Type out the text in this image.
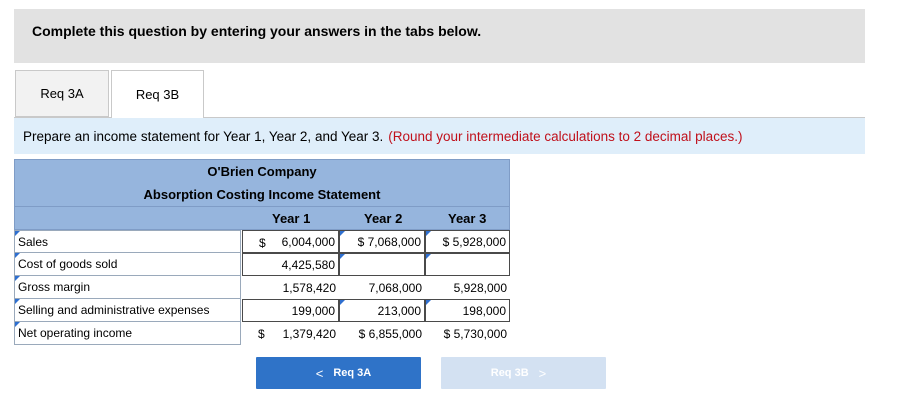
Complete this question by entering your answers in the tabs below.
Req 3A	Req 3B
Prepare an income statement for Year 1, Year 2, and Year 3. (Round your intermediate calculations to 2 decimal places.)
O'Brien Company
Absorption Costing Income Statement
Year 1	Year 2	Year 3
Sales	$ 6,004,000 $ 7,068,000 $ 5,928,000
Cost of goods sold	4,425,580
Gross margin	1,578,420	7,068,000	5,928,000
Selling and administrative expenses	199,000	213,000	198,000
Net operating income	$ 1,379,420 $ 6,855,000 $ 5,730,000
< Req 3A	Req 3B >
